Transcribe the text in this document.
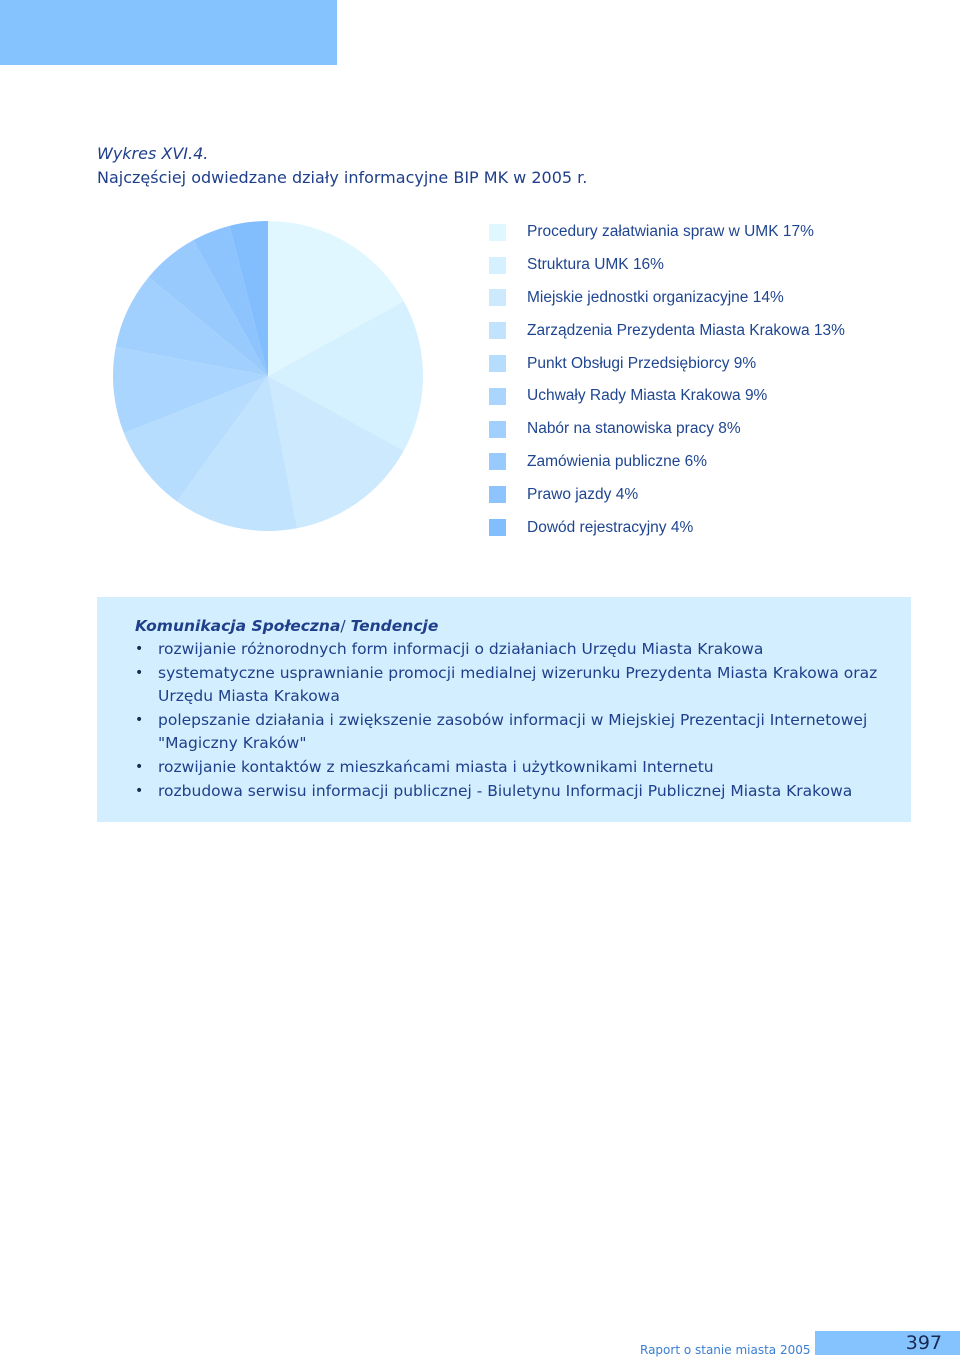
Wykres XVI.4.
Najczęściej odwiedzane działy informacyjne BIP MK w 2005 r.
Procedury załatwiania spraw w UMK 17%
Struktura UMK 16%
Miejskie jednostki organizacyjne 14%
Zarządzenia Prezydenta Miasta Krakowa 13%
Punkt Obsługi Przedsiębiorcy 9%
Uchwały Rady Miasta Krakowa 9%
Nabór na stanowiska pracy 8%
Zamówienia publiczne 6%
Prawo jazdy 4%
Dowód rejestracyjny 4%
Komunikacja Społeczna/ Tendencje
• rozwijanie różnorodnych form informacji o działaniach Urzędu Miasta Krakowa
• systematyczne usprawnianie promocji medialnej wizerunku Prezydenta Miasta Krakowa oraz Urzędu Miasta Krakowa
• polepszanie działania i zwiększenie zasobów informacji w Miejskiej Prezentacji Internetowej "Magiczny Kraków"
• rozwijanie kontaktów z mieszkańcami miasta i użytkownikami Internetu
• rozbudowa serwisu informacji publicznej - Biuletynu Informacji Publicznej Miasta Krakowa
Raport o stanie miasta 2005	397
